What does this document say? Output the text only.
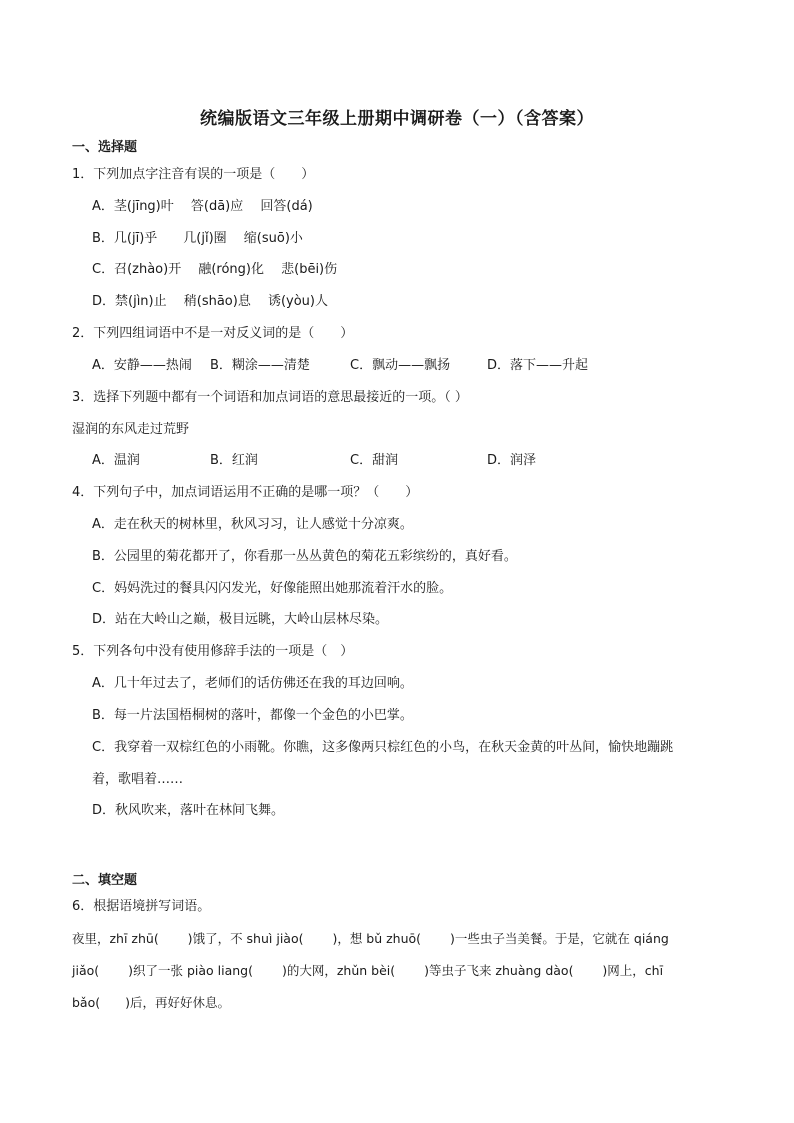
统编版语文三年级上册期中调研卷（一）（含答案）
一、选择题
1．下列加点字注音有误的一项是（　　）
A．茎(jīng)叶　 答(dā)应　 回答(dá)
B．几(jī)乎　　几(jǐ)圈　 缩(suō)小
C．召(zhào)开　 融(róng)化　 悲(bēi)伤
D．禁(jìn)止　 稍(shāo)息　 诱(yòu)人
2．下列四组词语中不是一对反义词的是（　　）
A．安静——热闹 B．糊涂——清楚	C．飘动——飘扬	D．落下——升起
3．选择下列题中都有一个词语和加点词语的意思最接近的一项。（ ）
湿润的东风走过荒野
A．温润	B．红润	C．甜润	D．润泽
4．下列句子中，加点词语运用不正确的是哪一项？（　　）
A．走在秋天的树林里，秋风习习，让人感觉十分凉爽。
B．公园里的菊花都开了，你看那一丛丛黄色的菊花五彩缤纷的，真好看。
C．妈妈洗过的餐具闪闪发光，好像能照出她那流着汗水的脸。
D．站在大岭山之巅，极目远眺，大岭山层林尽染。
5．下列各句中没有使用修辞手法的一项是（　）
A．几十年过去了，老师们的话仿佛还在我的耳边回响。
B．每一片法国梧桐树的落叶，都像一个金色的小巴掌。
C．我穿着一双棕红色的小雨靴。你瞧，这多像两只棕红色的小鸟，在秋天金黄的叶丛间，愉快地蹦跳
着，歌唱着……
D．秋风吹来，落叶在林间飞舞。
二、填空题
6．根据语境拼写词语。
夜里，zhī zhū(　　 )饿了，不 shuì jiào(　　 )，想 bǔ zhuō(　　 )一些虫子当美餐。于是，它就在 qiáng
jiǎo(　　 )织了一张 piào liang(　　 )的大网，zhǔn bèi(　　 )等虫子飞来 zhuàng dào(　　 )网上，chī
bǎo(　　)后，再好好休息。
